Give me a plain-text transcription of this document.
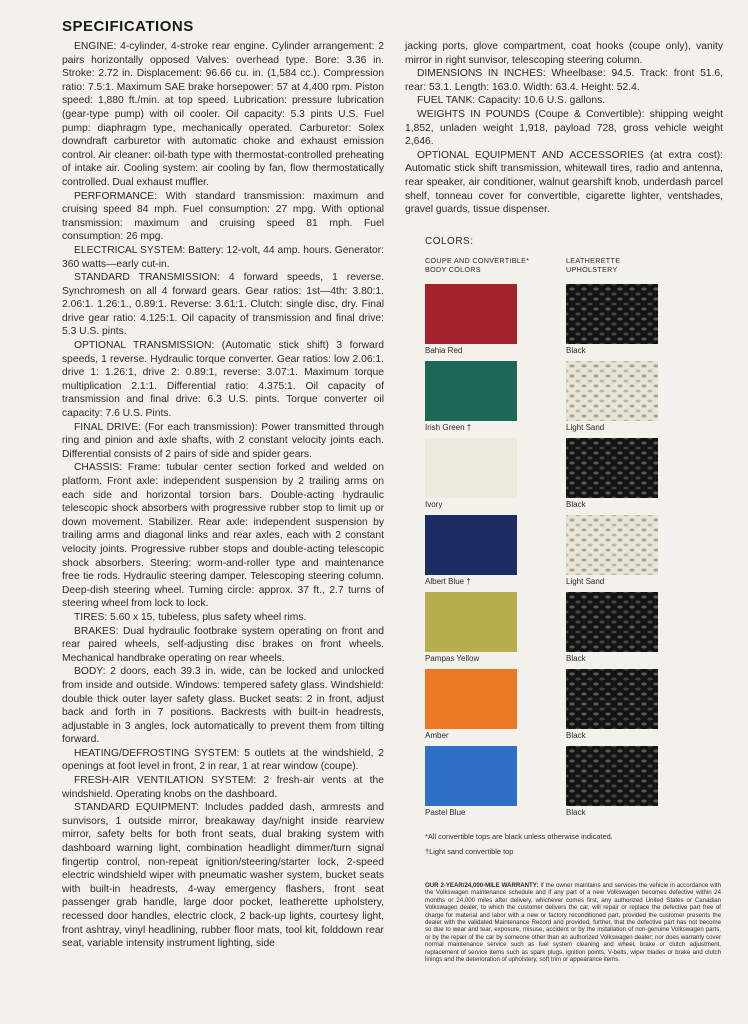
SPECIFICATIONS

ENGINE: 4-cylinder, 4-stroke rear engine. Cylinder arrangement: 2 pairs horizontally opposed Valves: overhead type. Bore: 3.36 in. Stroke: 2.72 in. Displacement: 96.66 cu. in. (1,584 cc.). Compression ratio: 7.5:1. Maximum SAE brake horsepower: 57 at 4,400 rpm. Piston speed: 1,880 ft./min. at top speed. Lubrication: pressure lubrication (gear-type pump) with oil cooler. Oil capacity: 5.3 pints U.S. Fuel pump: diaphragm type, mechanically operated. Carburetor: Solex downdraft carburetor with automatic choke and exhaust emission control. Air cleaner: oil-bath type with thermostat-controlled preheating of intake air. Cooling system: air cooling by fan, flow thermostatically controlled. Dual exhaust muffler.

PERFORMANCE: With standard transmission: maximum and cruising speed 84 mph. Fuel consumption: 27 mpg. With optional transmission: maximum and cruising speed 81 mph. Fuel consumption: 26 mpg.

ELECTRICAL SYSTEM: Battery: 12-volt, 44 amp. hours. Generator: 360 watts—early cut-in.

STANDARD TRANSMISSION: 4 forward speeds, 1 reverse. Synchromesh on all 4 forward gears. Gear ratios: 1st—4th: 3.80:1. 2.06:1. 1.26:1., 0.89:1. Reverse: 3.61:1. Clutch: single disc, dry. Final drive gear ratio: 4.125:1. Oil capacity of transmission and final drive: 5.3 U.S. pints.

OPTIONAL TRANSMISSION: (Automatic stick shift) 3 forward speeds, 1 reverse. Hydraulic torque converter. Gear ratios: low 2.06:1. drive 1: 1.26:1, drive 2: 0.89:1, reverse: 3.07:1. Maximum torque multiplication 2.1:1. Differential ratio: 4.375:1. Oil capacity of transmission and final drive: 6.3 U.S. pints. Torque converter oil capacity: 7.6 U.S. Pints.

FINAL DRIVE: (For each transmission): Power transmitted through ring and pinion and axle shafts, with 2 constant velocity joints each. Differential consists of 2 pairs of side and spider gears.

CHASSIS: Frame: tubular center section forked and welded on platform. Front axle: independent suspension by 2 trailing arms on each side and horizontal torsion bars. Double-acting hydraulic telescopic shock absorbers with progressive rubber stop to limit up or down movement. Stabilizer. Rear axle: independent suspension by trailing arms and diagonal links and rear axles, each with 2 constant velocity joints. Progressive rubber stops and double-acting telescopic shock absorbers. Steering: worm-and-roller type and maintenance free tie rods. Hydraulic steering damper. Telescoping steering column. Deep-dish steering wheel. Turning circle: approx. 37 ft., 2.7 turns of steering wheel from lock to lock.

TIRES: 5.60 x 15, tubeless, plus safety wheel rims.

BRAKES: Dual hydraulic footbrake system operating on front and rear paired wheels, self-adjusting disc brakes on front wheels. Mechanical handbrake operating on rear wheels.

BODY: 2 doors, each 39.3 in. wide, can be locked and unlocked from inside and outside. Windows: tempered safety glass. Windshield: double thick outer layer safety glass. Bucket seats: 2 in front, adjust back and forth in 7 positions. Backrests with built-in headrests, adjustable in 3 angles, lock automatically to prevent them from tilting forward.

HEATING/DEFROSTING SYSTEM: 5 outlets at the windshield, 2 openings at foot level in front, 2 in rear, 1 at rear window (coupe).

FRESH-AIR VENTILATION SYSTEM: 2 fresh-air vents at the windshield. Operating knobs on the dashboard.

STANDARD EQUIPMENT: Includes padded dash, armrests and sunvisors, 1 outside mirror, breakaway day/night inside rearview mirror, safety belts for both front seats, dual braking system with dashboard warning light, combination headlight dimmer/turn signal fingertip control, non-repeat ignition/steering/starter lock, 2-speed electric windshield wiper with pneumatic washer system, bucket seats with built-in headrests, 4-way emergency flashers, front seat passenger grab handle, large door pocket, leatherette upholstery, recessed door handles, electric clock, 2 back-up lights, courtesy light, front ashtray, vinyl headlining, rubber floor mats, tool kit, folddown rear seat, variable intensity instrument lighting, side

jacking ports, glove compartment, coat hooks (coupe only), vanity mirror in right sunvisor, telescoping steering column.

DIMENSIONS IN INCHES: Wheelbase: 94.5. Track: front 51.6, rear: 53.1. Length: 163.0. Width: 63.4. Height: 52.4.

FUEL TANK: Capacity: 10.6 U.S. gallons.

WEIGHTS IN POUNDS (Coupe & Convertible): shipping weight 1,852, unladen weight 1,918, payload 728, gross vehicle weight 2,646.

OPTIONAL EQUIPMENT AND ACCESSORIES (at extra cost): Automatic stick shift transmission, whitewall tires, radio and antenna, rear speaker, air conditioner, walnut gearshift knob, underdash parcel shelf, tonneau cover for convertible, cigarette lighter, ventshades, gravel guards, tissue dispenser.

COLORS:
COUPE AND CONVERTIBLE*
BODY COLORS
LEATHERETTE
UPHOLSTERY
Bahia Red	Black
Irish Green †	Light Sand
Ivory	Black
Albert Blue †	Light Sand
Pampas Yellow	Black
Amber	Black
Pastel Blue	Black
*All convertible tops are black unless otherwise indicated.
†Light sand convertible top
OUR 2-YEAR/24,000-MILE WARRANTY: If the owner maintains and services the vehicle in accordance with the Volkswagen maintenance schedule and if any part of a new Volkswagen becomes defective within 24 months or 24,000 miles after delivery, whichever comes first, any authorized United States or Canadian Volkswagen dealer, to which the customer delivers the car, will repair or replace the defective part free of charge for material and labor with a new or factory reconditioned part, provided the customer presents the dealer with the validated Maintenance Record and provided, further, that the defective part has not become so due to wear and tear, exposure, misuse, accident or by the installation of non-genuine Volkswagen parts, or by the repair of the car by someone other than an authorized Volkswagen dealer; nor does warranty cover normal maintenance service such as fuel system cleaning and wheel, brake or clutch adjustment, replacement of service items such as spark plugs, ignition points, V-belts, wiper blades or brake and clutch linings and the deterioration of upholstery, soft trim or appearance items.
